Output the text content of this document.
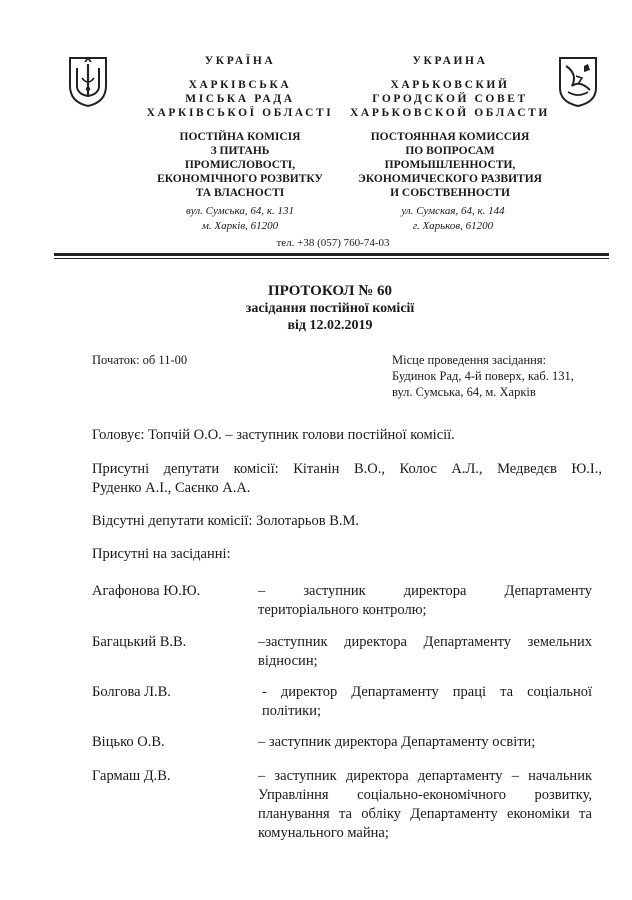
УКРАЇНА
ХАРКІВСЬКА
МІСЬКА РАДА
ХАРКІВСЬКОЇ ОБЛАСТІ
ПОСТІЙНА КОМІСІЯ
З ПИТАНЬ
ПРОМИСЛОВОСТІ,
ЕКОНОМІЧНОГО РОЗВИТКУ
ТА ВЛАСНОСТІ
вул. Сумська, 64, к. 131
м. Харків, 61200
УКРАИНА
ХАРЬКОВСКИЙ
ГОРОДСКОЙ СОВЕТ
ХАРЬКОВСКОЙ ОБЛАСТИ
ПОСТОЯННАЯ КОМИССИЯ
ПО ВОПРОСАМ
ПРОМЫШЛЕННОСТИ,
ЭКОНОМИЧЕСКОГО РАЗВИТИЯ
И СОБСТВЕННОСТИ
ул. Сумская, 64, к. 144
г. Харьков, 61200
тел. +38 (057) 760-74-03
ПРОТОКОЛ № 60
засідання постійної комісії
від 12.02.2019
Початок: об 11-00	Місце проведення засідання:
Будинок Рад, 4-й поверх, каб. 131,
вул. Сумська, 64, м. Харків
Головує: Топчій О.О. – заступник голови постійної комісії.
Присутні депутати комісії: Кітанін В.О., Колос А.Л., Медведєв Ю.І.,
Руденко А.І., Саєнко А.А.
Відсутні депутати комісії: Золотарьов В.М.
Присутні на засіданні:
Агафонова Ю.Ю.	– заступник директора Департаменту територіального контролю;
Багацький В.В.	–заступник директора Департаменту земельних відносин;
Болгова Л.В.	- директор Департаменту праці та соціальної політики;
Віцько О.В.	– заступник директора Департаменту освіти;
Гармаш Д.В.	– заступник директора департаменту – начальник Управління соціально-економічного розвитку, планування та обліку Департаменту економіки та комунального майна;
